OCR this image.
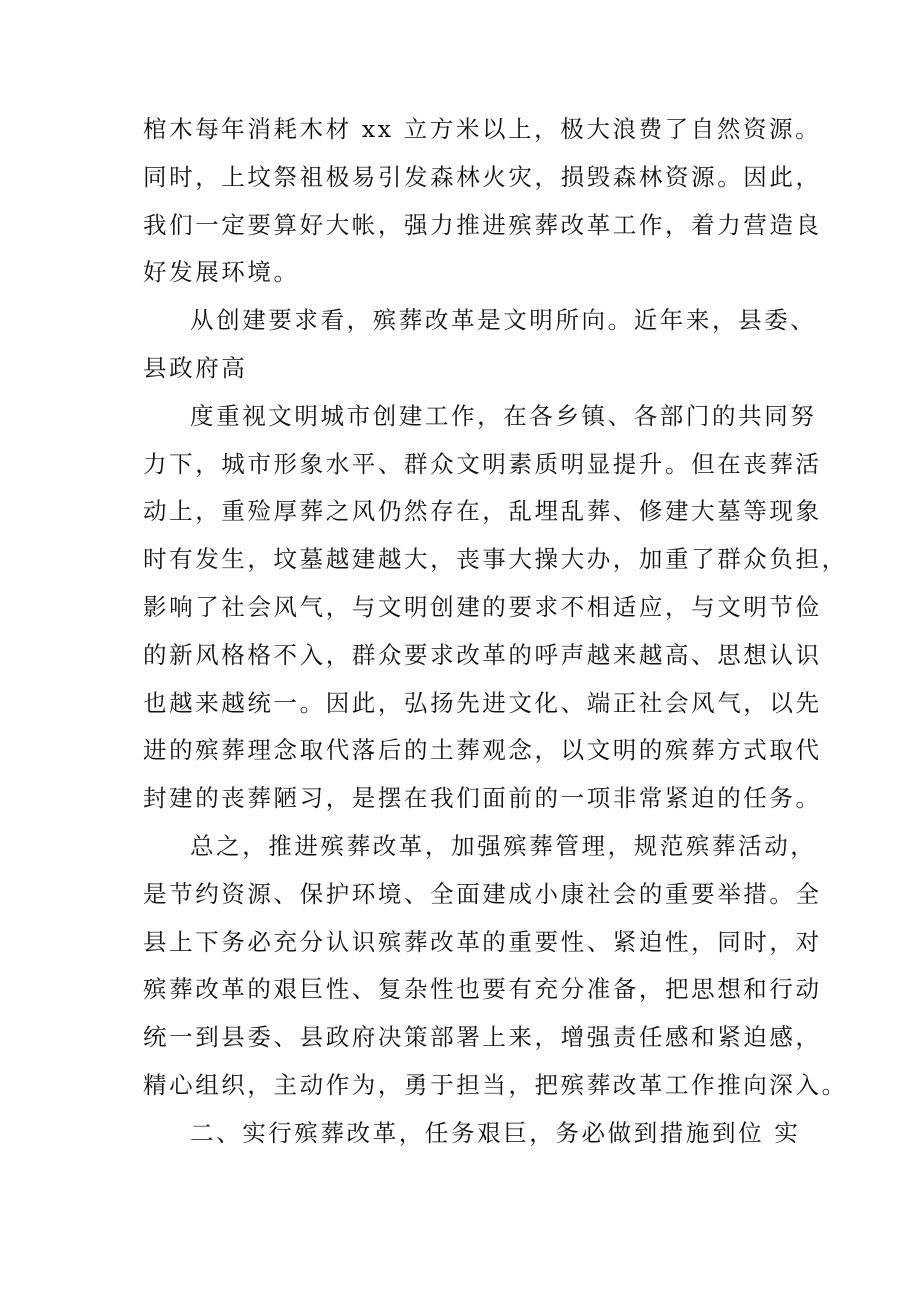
棺木每年消耗木材 xx 立方米以上，极大浪费了自然资源。
同时，上坟祭祖极易引发森林火灾，损毁森林资源。因此，
我们一定要算好大帐，强力推进殡葬改革工作，着力营造良
好发展环境。
从创建要求看，殡葬改革是文明所向。近年来，县委、
县政府高
度重视文明城市创建工作，在各乡镇、各部门的共同努
力下，城市形象水平、群众文明素质明显提升。但在丧葬活
动上，重殓厚葬之风仍然存在，乱埋乱葬、修建大墓等现象
时有发生，坟墓越建越大，丧事大操大办，加重了群众负担，
影响了社会风气，与文明创建的要求不相适应，与文明节俭
的新风格格不入，群众要求改革的呼声越来越高、思想认识
也越来越统一。因此，弘扬先进文化、端正社会风气，以先
进的殡葬理念取代落后的土葬观念，以文明的殡葬方式取代
封建的丧葬陋习，是摆在我们面前的一项非常紧迫的任务。
总之，推进殡葬改革，加强殡葬管理，规范殡葬活动，
是节约资源、保护环境、全面建成小康社会的重要举措。全
县上下务必充分认识殡葬改革的重要性、紧迫性，同时，对
殡葬改革的艰巨性、复杂性也要有充分准备，把思想和行动
统一到县委、县政府决策部署上来，增强责任感和紧迫感，
精心组织，主动作为，勇于担当，把殡葬改革工作推向深入。
二、实行殡葬改革，任务艰巨，务必做到措施到位 实
